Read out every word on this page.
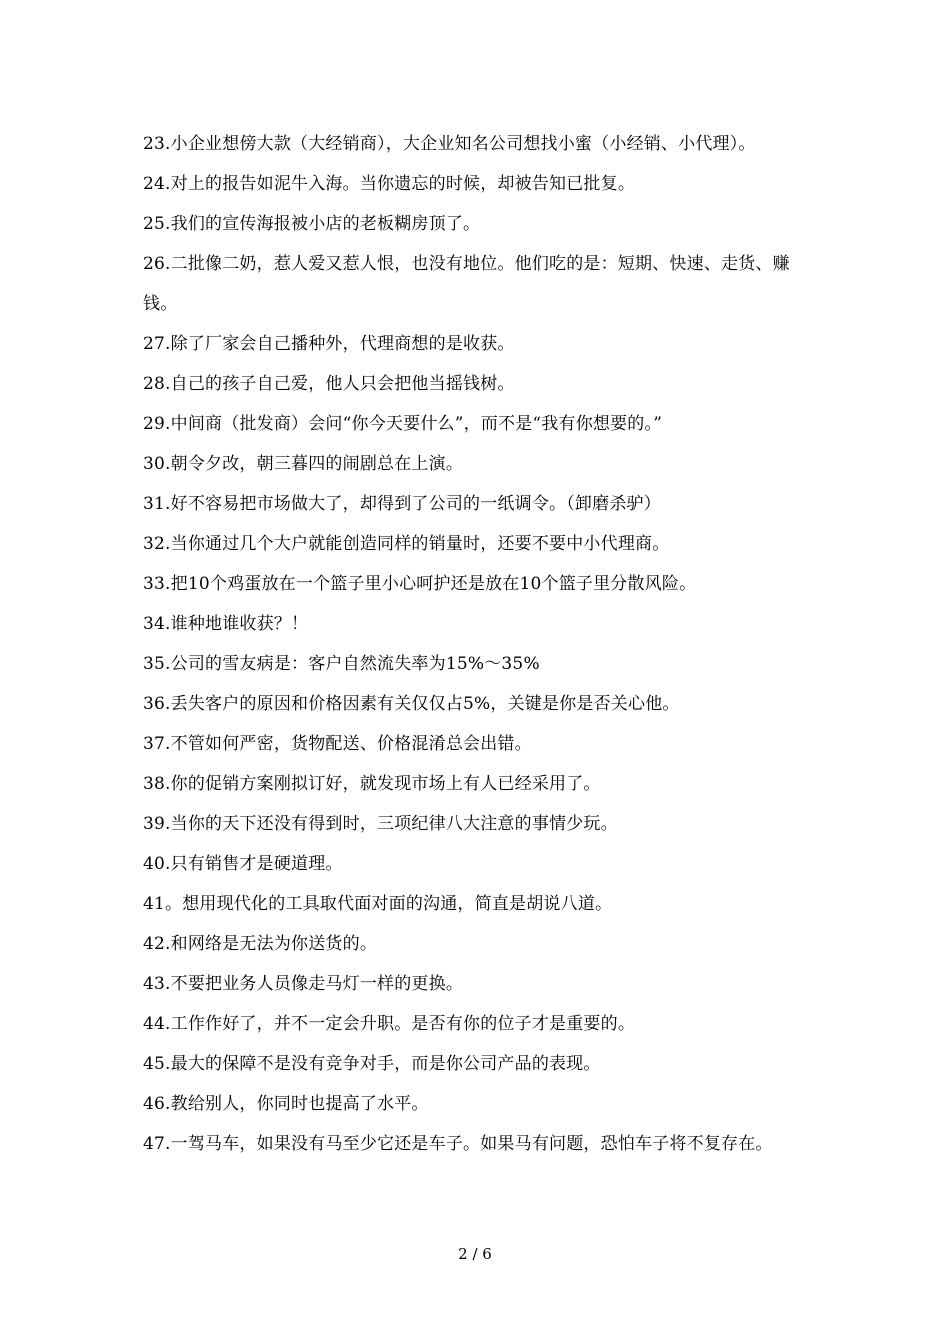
23.小企业想傍大款（大经销商），大企业知名公司想找小蜜（小经销、小代理）。

24.对上的报告如泥牛入海。当你遗忘的时候，却被告知已批复。

25.我们的宣传海报被小店的老板糊房顶了。

26.二批像二奶，惹人爱又惹人恨，也没有地位。他们吃的是：短期、快速、走货、赚钱。

27.除了厂家会自己播种外，代理商想的是收获。

28.自己的孩子自己爱，他人只会把他当摇钱树。

29.中间商（批发商）会问“你今天要什么”，而不是“我有你想要的。”

30.朝令夕改，朝三暮四的闹剧总在上演。

31.好不容易把市场做大了，却得到了公司的一纸调令。（卸磨杀驴）

32.当你通过几个大户就能创造同样的销量时，还要不要中小代理商。

33.把10个鸡蛋放在一个篮子里小心呵护还是放在10个篮子里分散风险。

34.谁种地谁收获？！

35.公司的雪友病是：客户自然流失率为15%～35%

36.丢失客户的原因和价格因素有关仅仅占5%，关键是你是否关心他。

37.不管如何严密，货物配送、价格混淆总会出错。

38.你的促销方案刚拟订好，就发现市场上有人已经采用了。

39.当你的天下还没有得到时，三项纪律八大注意的事情少玩。

40.只有销售才是硬道理。

41。想用现代化的工具取代面对面的沟通，简直是胡说八道。

42.和网络是无法为你送货的。

43.不要把业务人员像走马灯一样的更换。

44.工作作好了，并不一定会升职。是否有你的位子才是重要的。

45.最大的保障不是没有竞争对手，而是你公司产品的表现。

46.教给别人，你同时也提高了水平。

47.一驾马车，如果没有马至少它还是车子。如果马有问题，恐怕车子将不复存在。

2 / 6
